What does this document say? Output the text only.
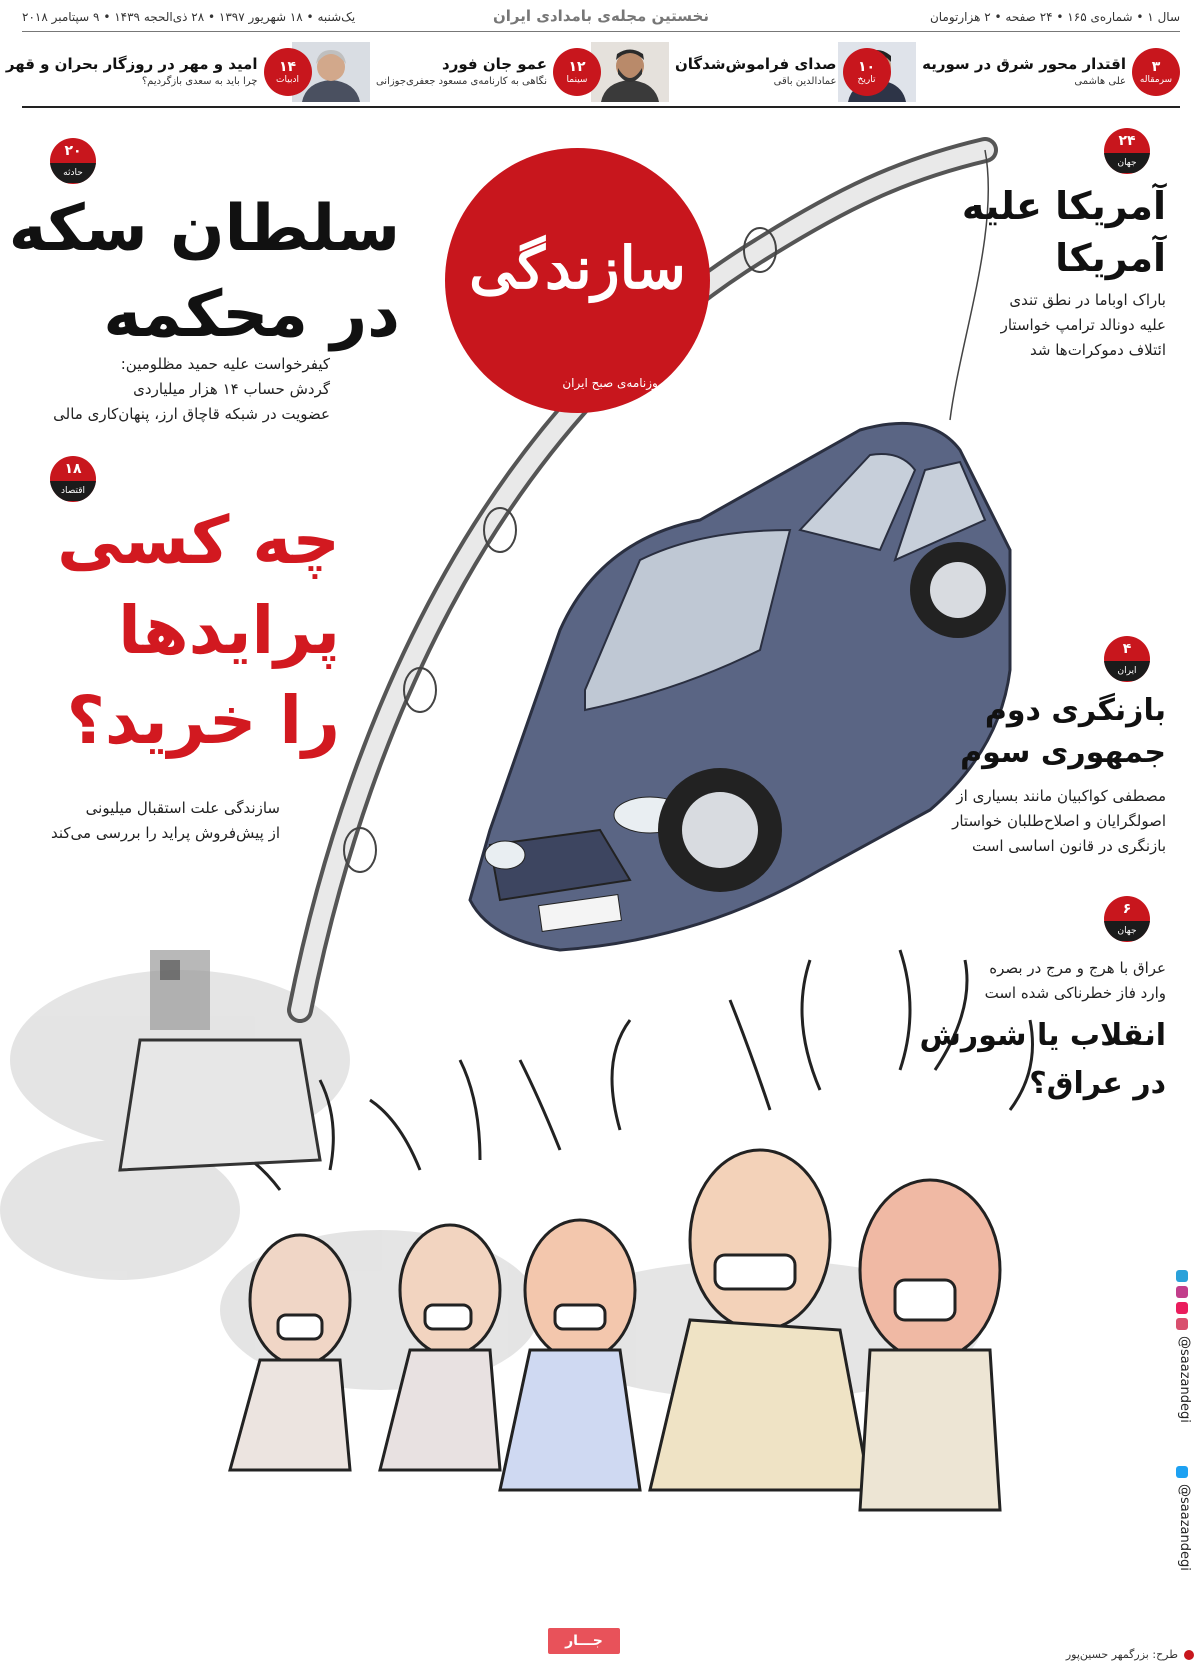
سال ۱ • شماره‌ی ۱۶۵ • ۲۴ صفحه • ۲ هزارتومان
نخستین مجله‌ی بامدادی ایران
یک‌شنبه • ۱۸ شهریور ۱۳۹۷ • ۲۸ ذی‌الحجه ۱۴۳۹ • ۹ سپتامبر ۲۰۱۸
۳
سرمقاله
اقتدار محور شرق در سوریه
علی هاشمی
۱۰
تاریخ
صدای فراموش‌شدگان
عمادالدین باقی
۱۲
سینما
عمو جان فورد
نگاهی به کارنامه‌ی مسعود جعفری‌جوزانی
۱۴
ادبیات
امید و مهر در روزگار بحران و قهر
چرا باید به سعدی بازگردیم؟
سازندگی
روزنامه‌ی صبح ایران
۲۰
حادثه
سلطان سکه
در محکمه
کیفرخواست علیه حمید مظلومین:
گردش حساب ۱۴ هزار میلیاردی
عضویت در شبکه قاچاق ارز، پنهان‌کاری مالی
۱۸
اقتصاد
چه کسی
پرایدها
را خرید؟
سازندگی علت استقبال میلیونی
از پیش‌فروش پراید را بررسی می‌کند
۲۴
جهان
آمریکا علیه
آمریکا
باراک اوباما در نطق تندی
علیه دونالد ترامپ خواستار
ائتلاف دموکرات‌ها شد
۴
ایران
بازنگری دوم
جمهوری سوم
مصطفی کواکبیان مانند بسیاری از
اصولگرایان و اصلاح‌طلبان خواستار
بازنگری در قانون اساسی است
۶
جهان
عراق با هرج و مرج در بصره
وارد فاز خطرناکی شده است
انقلاب یا شورش
در عراق؟
@saazandegi
@saazandegi
جـــار
طرح: بزرگمهر حسین‌پور
